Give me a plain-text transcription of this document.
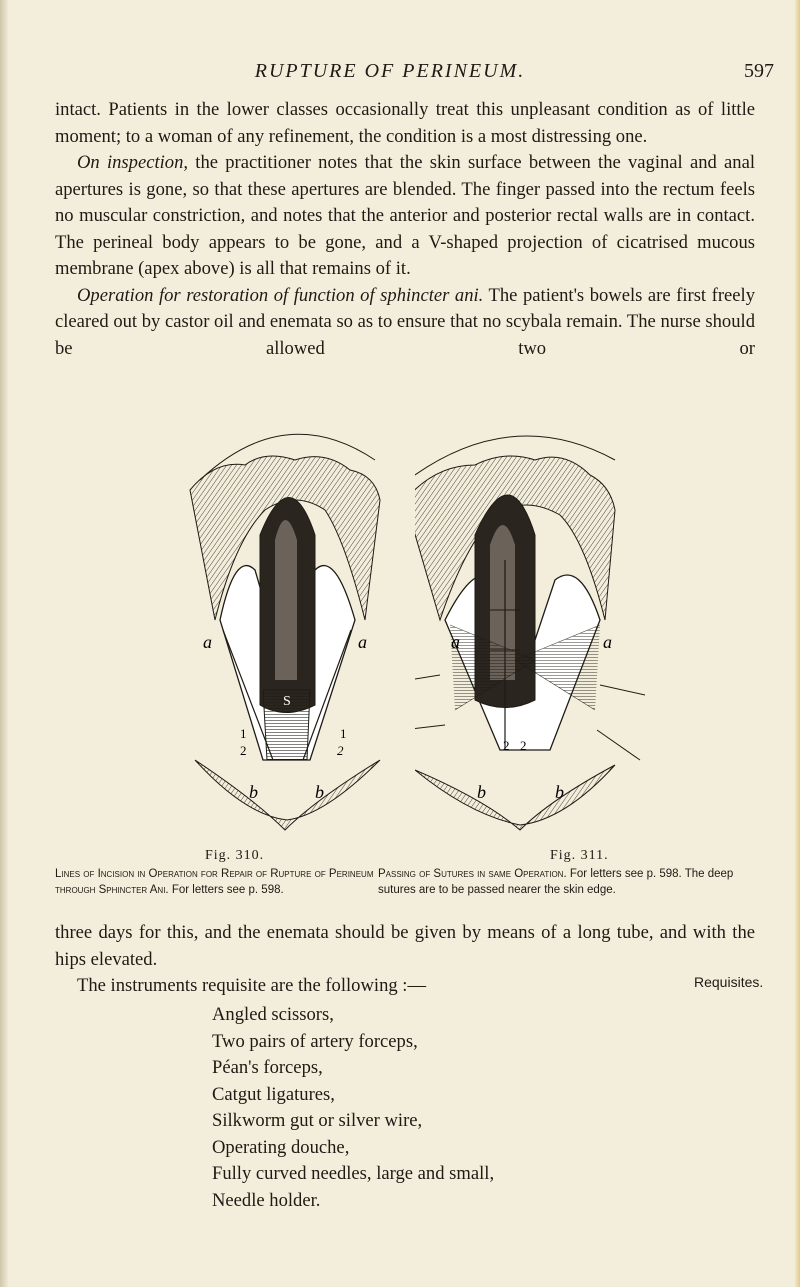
RUPTURE OF PERINEUM.	597

intact. Patients in the lower classes occasionally treat this unpleasant condition as of little moment; to a woman of any refinement, the condition is a most distressing one.

On inspection, the practitioner notes that the skin surface between the vaginal and anal apertures is gone, so that these apertures are blended. The finger passed into the rectum feels no muscular constriction, and notes that the anterior and posterior rectal walls are in contact. The perineal body appears to be gone, and a V-shaped projection of cicatrised mucous membrane (apex above) is all that remains of it.

Operation for restoration of function of sphincter ani. The patient's bowels are first freely cleared out by castor oil and enemata so as to ensure that no scybala remain. The nurse should be allowed two or

a	a
S
1	1
2	2
b	b
a	a
2 2
b	b
Fig. 310.	Fig. 311.
Lines of Incision in Operation for Repair of Rupture of Perineum through Sphincter Ani. For letters see p. 598.
Passing of Sutures in same Operation. For letters see p. 598. The deep sutures are to be passed nearer the skin edge.

three days for this, and the enemata should be given by means of a long tube, and with the hips elevated.

The instruments requisite are the following :—	Requisites.
Angled scissors,
Two pairs of artery forceps,
Péan's forceps,
Catgut ligatures,
Silkworm gut or silver wire,
Operating douche,
Fully curved needles, large and small,
Needle holder.
